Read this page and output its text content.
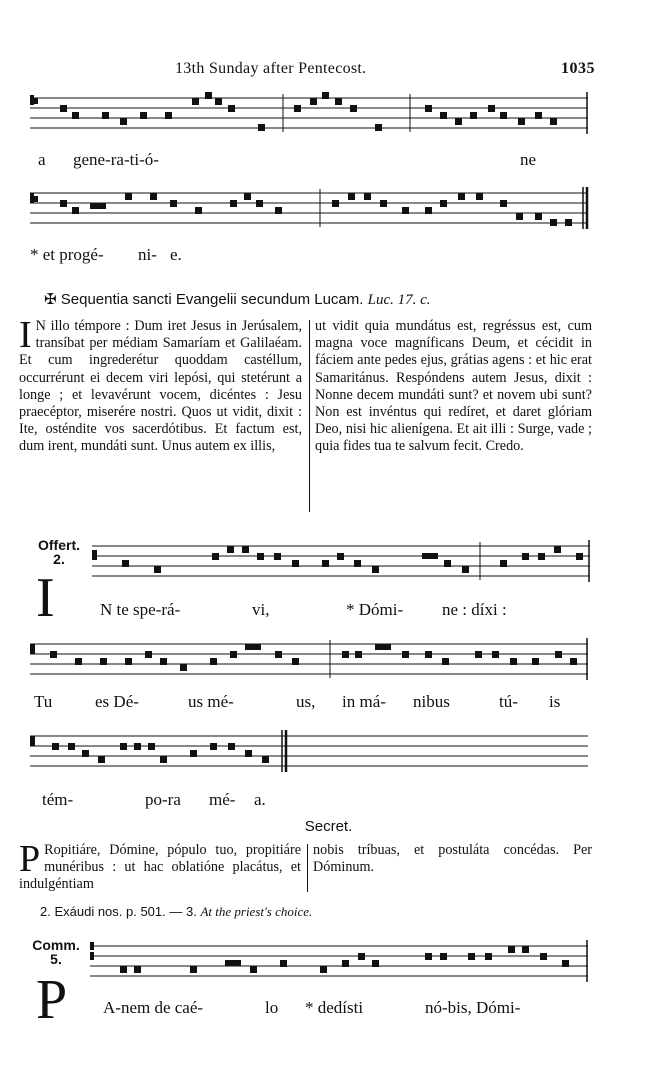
13th Sunday after Pentecost.	1035
a gene-ra-ti-ó-	ne
* et progé- ni- e.
✠ Sequentia sancti Evangelii secundum Lucam. Luc. 17. c.

I N illo témpore : Dum iret Jesus in Jerúsalem, transíbat per médiam Samaríam et Galilaéam. Et cum ingrederétur quoddam castéllum, occurrérunt ei decem viri lepósi, qui stetérunt a longe ; et levavérunt vocem, dicéntes : Jesu praecéptor, miserére nostri. Quos ut vidit, dixit : Ite, osténdite vos sacerdótibus. Et factum est, dum irent, mundáti sunt. Unus autem ex illis,

ut vidit quia mundátus est, regréssus est, cum magna voce magníficans Deum, et cécidit in fáciem ante pedes ejus, grátias agens : et hic erat Samaritánus. Respóndens autem Jesus, dixit : Nonne decem mundáti sunt? et novem ubi sunt? Non est invéntus qui redíret, et daret glóriam Deo, nisi hic alienígena. Et ait illi : Surge, vade ; quia fides tua te salvum fecit. Credo.

Offert.
2.
I	N te spe-rá-	vi,	* Dómi- ne : díxi :
Tu	es Dé-	us mé-	us, in má- nibus	tú- is
tém-	po-ra mé- a.
Secret.

P Ropitiáre, Dómine, pópulo tuo, propitiáre munéribus : ut hac oblatióne placátus, et indulgéntiam

nobis tríbuas, et postuláta concédas. Per Dóminum.

2. Exáudi nos. p. 501. — 3. At the priest's choice.
Comm.
5.
P A-nem de caé-	lo * dedísti	nó-bis, Dómi-
